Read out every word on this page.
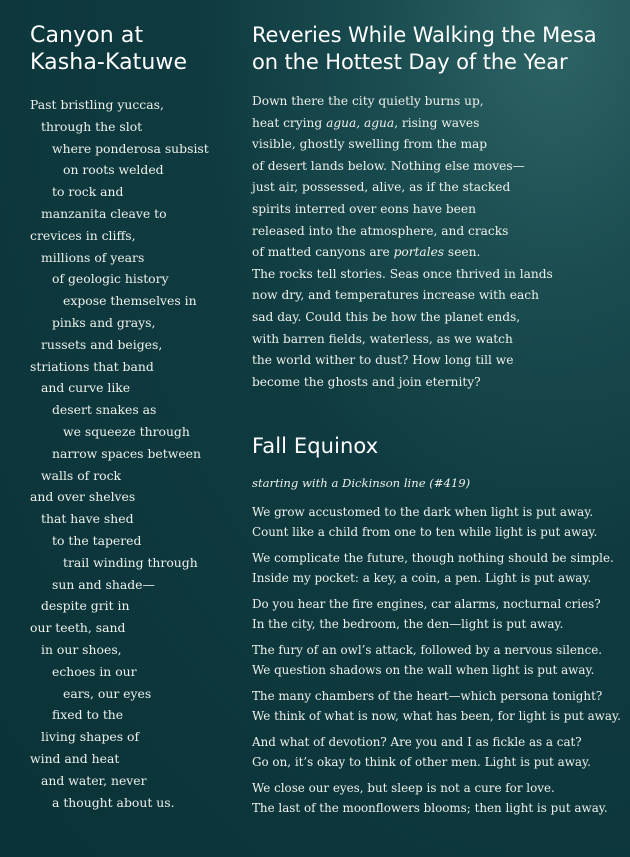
Canyon at
Kasha-Katuwe
Past bristling yuccas,
through the slot
where ponderosa subsist
on roots welded
to rock and
manzanita cleave to
crevices in cliffs,
millions of years
of geologic history
expose themselves in
pinks and grays,
russets and beiges,
striations that band
and curve like
desert snakes as
we squeeze through
narrow spaces between
walls of rock
and over shelves
that have shed
to the tapered
trail winding through
sun and shade—
despite grit in
our teeth, sand
in our shoes,
echoes in our
ears, our eyes
fixed to the
living shapes of
wind and heat
and water, never
a thought about us.
Reveries While Walking the Mesa
on the Hottest Day of the Year
Down there the city quietly burns up,
heat crying agua, agua, rising waves
visible, ghostly swelling from the map
of desert lands below. Nothing else moves—
just air, possessed, alive, as if the stacked
spirits interred over eons have been
released into the atmosphere, and cracks
of matted canyons are portales seen.
The rocks tell stories. Seas once thrived in lands
now dry, and temperatures increase with each
sad day. Could this be how the planet ends,
with barren fields, waterless, as we watch
the world wither to dust? How long till we
become the ghosts and join eternity?
Fall Equinox
starting with a Dickinson line (#419)
We grow accustomed to the dark when light is put away.
Count like a child from one to ten while light is put away.
We complicate the future, though nothing should be simple.
Inside my pocket: a key, a coin, a pen. Light is put away.
Do you hear the fire engines, car alarms, nocturnal cries?
In the city, the bedroom, the den—light is put away.
The fury of an owl’s attack, followed by a nervous silence.
We question shadows on the wall when light is put away.
The many chambers of the heart—which persona tonight?
We think of what is now, what has been, for light is put away.
And what of devotion? Are you and I as fickle as a cat?
Go on, it’s okay to think of other men. Light is put away.
We close our eyes, but sleep is not a cure for love.
The last of the moonflowers blooms; then light is put away.
